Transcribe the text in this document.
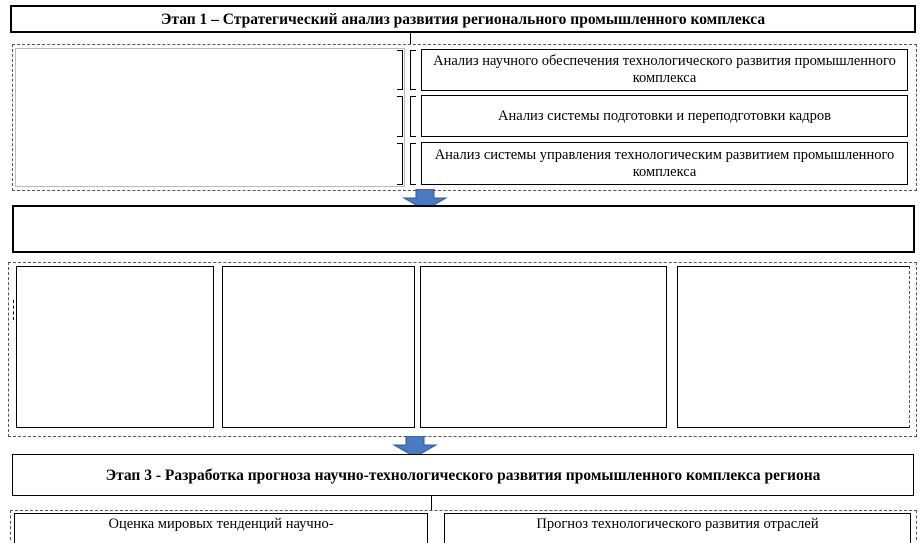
Этап 1 – Стратегический анализ развития регионального промышленного комплекса
Анализ научного обеспечения технологического развития промышленного комплекса
Анализ системы подготовки и переподготовки кадров
Анализ системы управления технологическим развитием промышленного комплекса
Этап 3 - Разработка прогноза научно-технологического развития промышленного комплекса региона
Оценка мировых тенденций научно-	Прогноз технологического развития отраслей
